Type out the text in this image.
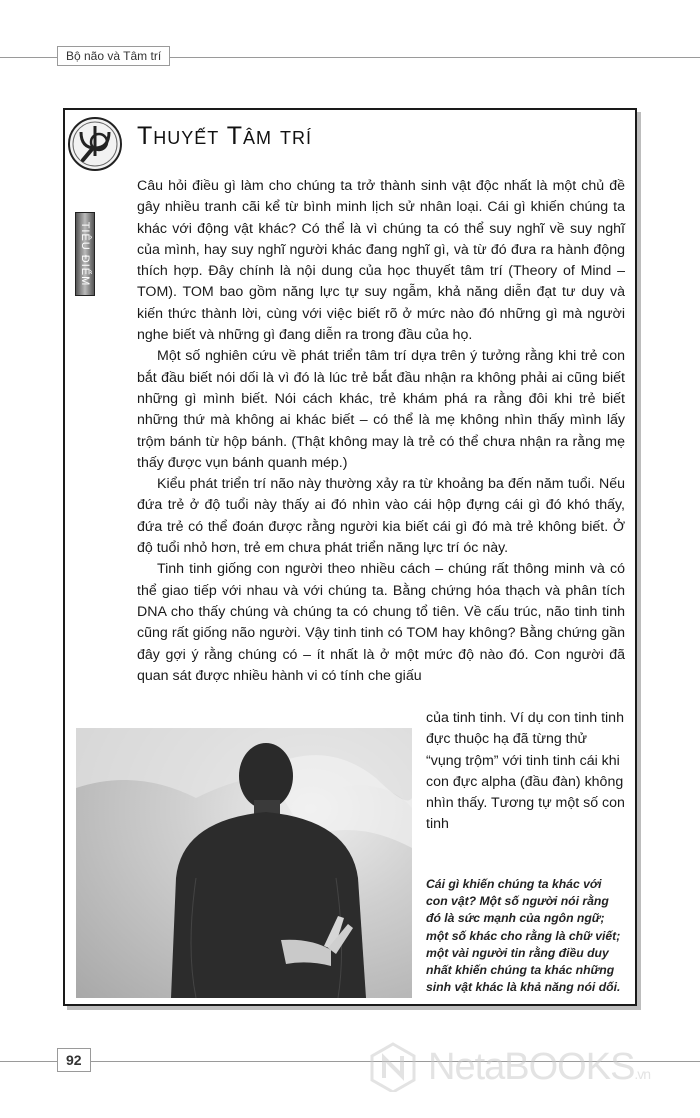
Bộ não và Tâm trí
Thuyết Tâm trí
TIÊU ĐIỂM

Câu hỏi điều gì làm cho chúng ta trở thành sinh vật độc nhất là một chủ đề gây nhiều tranh cãi kể từ bình minh lịch sử nhân loại. Cái gì khiến chúng ta khác với động vật khác? Có thể là vì chúng ta có thể suy nghĩ về suy nghĩ của mình, hay suy nghĩ người khác đang nghĩ gì, và từ đó đưa ra hành động thích hợp. Đây chính là nội dung của học thuyết tâm trí (Theory of Mind – TOM). TOM bao gồm năng lực tự suy ngẫm, khả năng diễn đạt tư duy và kiến thức thành lời, cùng với việc biết rõ ở mức nào đó những gì mà người nghe biết và những gì đang diễn ra trong đầu của họ.

Một số nghiên cứu về phát triển tâm trí dựa trên ý tưởng rằng khi trẻ con bắt đầu biết nói dối là vì đó là lúc trẻ bắt đầu nhận ra không phải ai cũng biết những gì mình biết. Nói cách khác, trẻ khám phá ra rằng đôi khi trẻ biết những thứ mà không ai khác biết – có thể là mẹ không nhìn thấy mình lấy trộm bánh từ hộp bánh. (Thật không may là trẻ có thể chưa nhận ra rằng mẹ thấy được vụn bánh quanh mép.)

Kiểu phát triển trí não này thường xảy ra từ khoảng ba đến năm tuổi. Nếu đứa trẻ ở độ tuổi này thấy ai đó nhìn vào cái hộp đựng cái gì đó khó thấy, đứa trẻ có thể đoán được rằng người kia biết cái gì đó mà trẻ không biết. Ở độ tuổi nhỏ hơn, trẻ em chưa phát triển năng lực trí óc này.

Tinh tinh giống con người theo nhiều cách – chúng rất thông minh và có thể giao tiếp với nhau và với chúng ta. Bằng chứng hóa thạch và phân tích DNA cho thấy chúng và chúng ta có chung tổ tiên. Về cấu trúc, não tinh tinh cũng rất giống não người. Vậy tinh tinh có TOM hay không? Bằng chứng gần đây gợi ý rằng chúng có – ít nhất là ở một mức độ nào đó. Con người đã quan sát được nhiều hành vi có tính che giấu

của tinh tinh. Ví dụ con tinh tinh đực thuộc hạ đã từng thử “vụng trộm” với tinh tinh cái khi con đực alpha (đầu đàn) không nhìn thấy. Tương tự một số con tinh
Cái gì khiến chúng ta khác với con vật? Một số người nói rằng đó là sức mạnh của ngôn ngữ; một số khác cho rằng là chữ viết; một vài người tin rằng điều duy nhất khiến chúng ta khác những sinh vật khác là khả năng nói dối.
92	NetaBOOKS.vn
